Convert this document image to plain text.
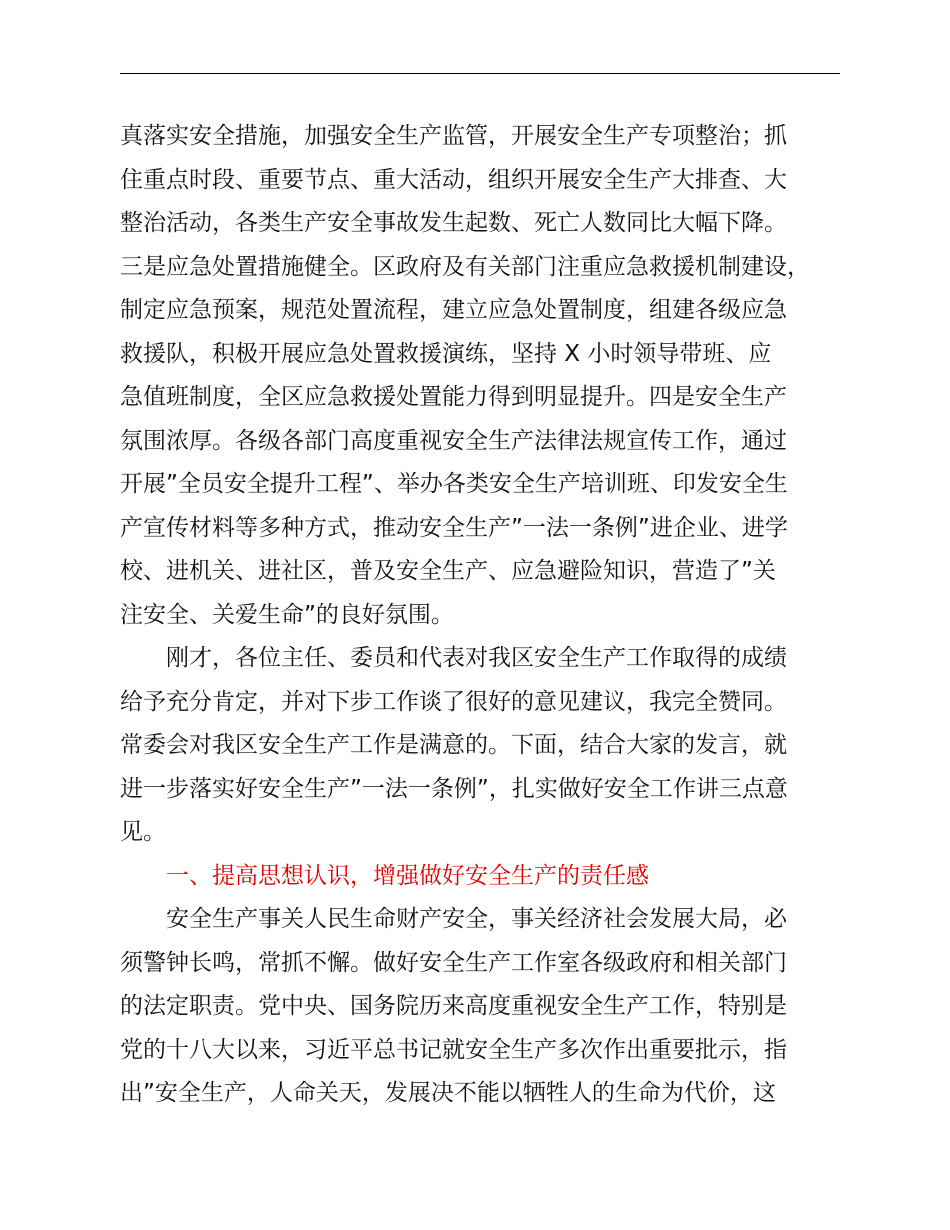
真落实安全措施，加强安全生产监管，开展安全生产专项整治；抓
住重点时段、重要节点、重大活动，组织开展安全生产大排查、大
整治活动，各类生产安全事故发生起数、死亡人数同比大幅下降。
三是应急处置措施健全。区政府及有关部门注重应急救援机制建设，
制定应急预案，规范处置流程，建立应急处置制度，组建各级应急
救援队，积极开展应急处置救援演练，坚持 X 小时领导带班、应
急值班制度，全区应急救援处置能力得到明显提升。四是安全生产
氛围浓厚。各级各部门高度重视安全生产法律法规宣传工作，通过
开展”全员安全提升工程”、举办各类安全生产培训班、印发安全生
产宣传材料等多种方式，推动安全生产”一法一条例”进企业、进学
校、进机关、进社区，普及安全生产、应急避险知识，营造了”关
注安全、关爱生命”的良好氛围。
刚才，各位主任、委员和代表对我区安全生产工作取得的成绩
给予充分肯定，并对下步工作谈了很好的意见建议，我完全赞同。
常委会对我区安全生产工作是满意的。下面，结合大家的发言，就
进一步落实好安全生产”一法一条例”，扎实做好安全工作讲三点意
见。
一、提高思想认识，增强做好安全生产的责任感
安全生产事关人民生命财产安全，事关经济社会发展大局，必
须警钟长鸣，常抓不懈。做好安全生产工作室各级政府和相关部门
的法定职责。党中央、国务院历来高度重视安全生产工作，特别是
党的十八大以来，习近平总书记就安全生产多次作出重要批示，指
出”安全生产，人命关天，发展决不能以牺牲人的生命为代价，这
